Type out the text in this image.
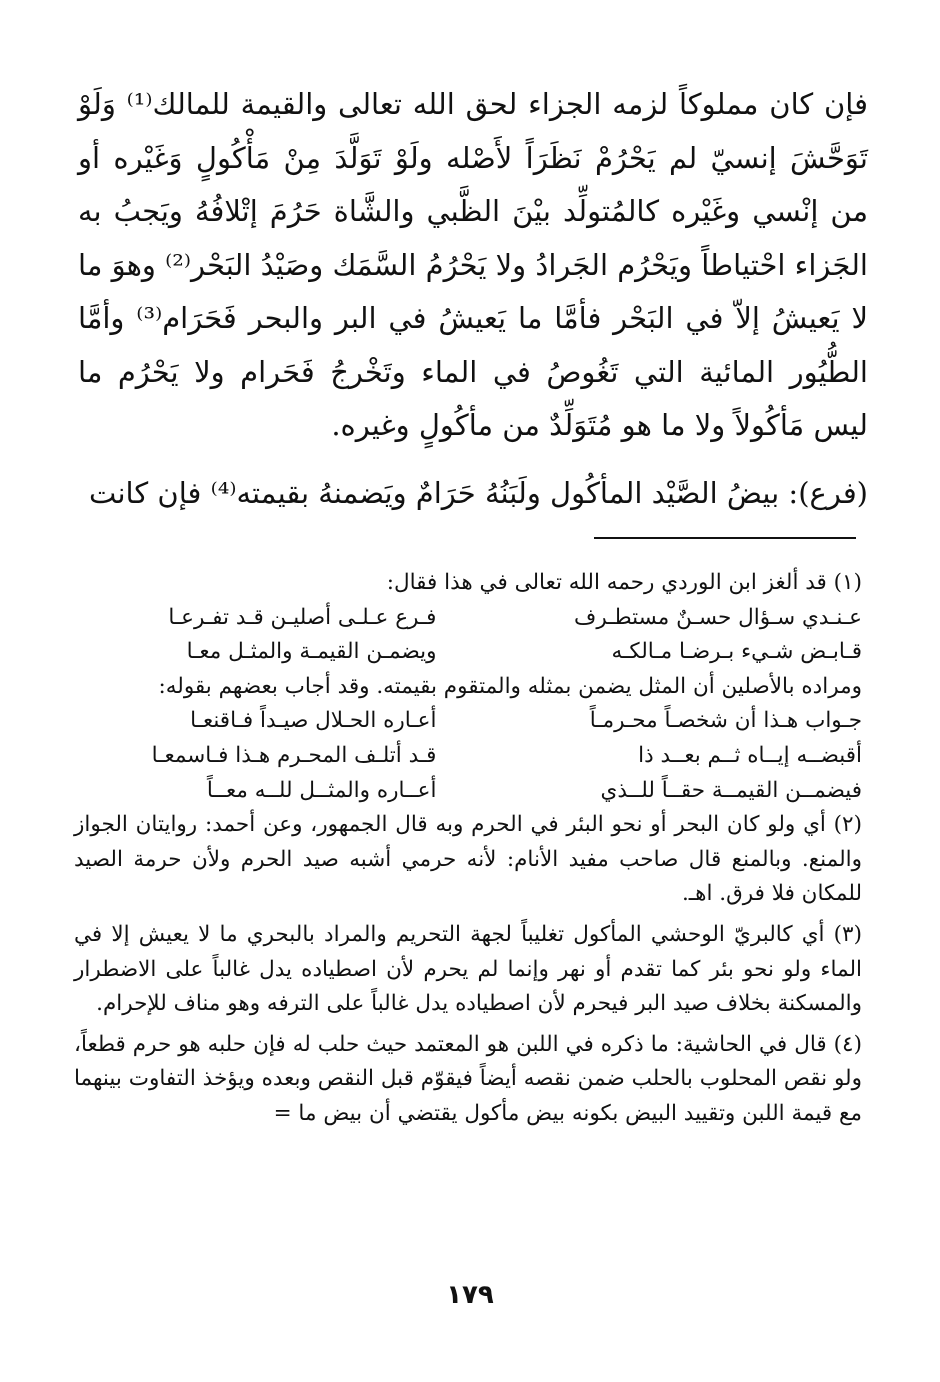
فإن كان مملوكاً لزمه الجزاء لحق الله تعالى والقيمة للمالك⁽¹⁾ وَلَوْ تَوَحَّشَ إنسيّ لم يَحْرُمْ نَظَرَاً لأَصْله ولَوْ تَوَلَّدَ مِنْ مَأْكُولٍ وَغَيْره أو من إنْسي وغَيْره كالمُتولِّد بيْنَ الظَّبي والشَّاة حَرُمَ إتْلافُهُ ويَجبُ به الجَزاء احْتياطاً ويَحْرُم الجَرادُ ولا يَحْرُمُ السَّمَك وصَيْدُ البَحْر⁽²⁾ وهوَ ما لا يَعيشُ إلاّ في البَحْر فأمَّا ما يَعيشُ في البر والبحر فَحَرَام⁽³⁾ وأمَّا الطُّيُور المائية التي تَغُوصُ في الماء وتَخْرجُ فَحَرام ولا يَحْرُم ما ليس مَأكُولاً ولا ما هو مُتَوَلِّدٌ من مأكُولٍ وغيره.

(فرع): بيضُ الصَّيْد المأكُول ولَبَنُهُ حَرَامٌ ويَضمنهُ بقيمته⁽⁴⁾ فإن كانت

(١) قد ألغز ابن الوردي رحمه الله تعالى في هذا فقال:

عـنـدي سـؤال حسـنٌ مستطـرف
فـرع عـلـى أصليـن قـد تفـرعـا
قـابـض شـيء بـرضـا مـالكـه
ويضمـن القيمـة والمثـل معـا

ومراده بالأصلين أن المثل يضمن بمثله والمتقوم بقيمته. وقد أجاب بعضهم بقوله:

جـواب هـذا أن شخصـاً محـرمـاً
أعـاره الحـلال صيـداً فـاقنعـا
أقبضــه إيــاه ثــم بعــد ذا
قـد أتلـف المحـرم هـذا فـاسمعـا
فيضمــن القيمــة حقــاً للــذي
أعــاره والمثــل للــه معــاً

(٢) أي ولو كان البحر أو نحو البئر في الحرم وبه قال الجمهور، وعن أحمد: روايتان الجواز والمنع. وبالمنع قال صاحب مفيد الأنام: لأنه حرمي أشبه صيد الحرم ولأن حرمة الصيد للمكان فلا فرق. اهـ.

(٣) أي كالبريّ الوحشي المأكول تغليباً لجهة التحريم والمراد بالبحري ما لا يعيش إلا في الماء ولو نحو بئر كما تقدم أو نهر وإنما لم يحرم لأن اصطياده يدل غالباً على الاضطرار والمسكنة بخلاف صيد البر فيحرم لأن اصطياده يدل غالباً على الترفه وهو مناف للإحرام.

(٤) قال في الحاشية: ما ذكره في اللبن هو المعتمد حيث حلب له فإن حلبه هو حرم قطعاً، ولو نقص المحلوب بالحلب ضمن نقصه أيضاً فيقوّم قبل النقص وبعده ويؤخذ التفاوت بينهما مع قيمة اللبن وتقييد البيض بكونه بيض مأكول يقتضي أن بيض ما =

١٧٩
